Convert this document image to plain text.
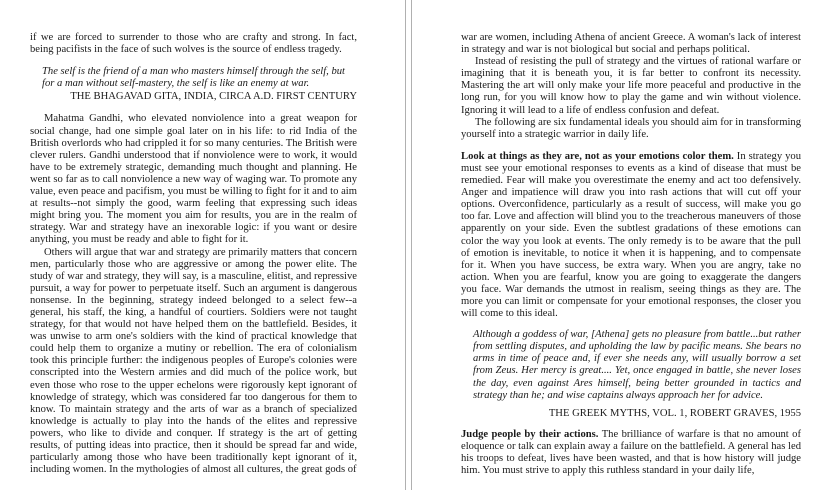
if we are forced to surrender to those who are crafty and strong. In fact, being pacifists in the face of such wolves is the source of endless tragedy.

The self is the friend of a man who masters himself through the self, but for a man without self-mastery, the self is like an enemy at war.

THE BHAGAVAD GITA, INDIA, CIRCA A.D. FIRST CENTURY

Mahatma Gandhi, who elevated nonviolence into a great weapon for social change, had one simple goal later on in his life: to rid India of the British overlords who had crippled it for so many centuries. The British were clever rulers. Gandhi understood that if nonviolence were to work, it would have to be extremely strategic, demanding much thought and planning. He went so far as to call nonviolence a new way of waging war. To promote any value, even peace and pacifism, you must be willing to fight for it and to aim at results--not simply the good, warm feeling that expressing such ideas might bring you. The moment you aim for results, you are in the realm of strategy. War and strategy have an inexorable logic: if you want or desire anything, you must be ready and able to fight for it.

Others will argue that war and strategy are primarily matters that concern men, particularly those who are aggressive or among the power elite. The study of war and strategy, they will say, is a masculine, elitist, and repressive pursuit, a way for power to perpetuate itself. Such an argument is dangerous nonsense. In the beginning, strategy indeed belonged to a select few--a general, his staff, the king, a handful of courtiers. Soldiers were not taught strategy, for that would not have helped them on the battlefield. Besides, it was unwise to arm one's soldiers with the kind of practical knowledge that could help them to organize a mutiny or rebellion. The era of colonialism took this principle further: the indigenous peoples of Europe's colonies were conscripted into the Western armies and did much of the police work, but even those who rose to the upper echelons were rigorously kept ignorant of knowledge of strategy, which was considered far too dangerous for them to know. To maintain strategy and the arts of war as a branch of specialized knowledge is actually to play into the hands of the elites and repressive powers, who like to divide and conquer. If strategy is the art of getting results, of putting ideas into practice, then it should be spread far and wide, particularly among those who have been traditionally kept ignorant of it, including women. In the mythologies of almost all cultures, the great gods of

war are women, including Athena of ancient Greece. A woman's lack of interest in strategy and war is not biological but social and perhaps political.

Instead of resisting the pull of strategy and the virtues of rational warfare or imagining that it is beneath you, it is far better to confront its necessity. Mastering the art will only make your life more peaceful and productive in the long run, for you will know how to play the game and win without violence. Ignoring it will lead to a life of endless confusion and defeat.

The following are six fundamental ideals you should aim for in transforming yourself into a strategic warrior in daily life.

Look at things as they are, not as your emotions color them. In strategy you must see your emotional responses to events as a kind of disease that must be remedied. Fear will make you overestimate the enemy and act too defensively. Anger and impatience will draw you into rash actions that will cut off your options. Overconfidence, particularly as a result of success, will make you go too far. Love and affection will blind you to the treacherous maneuvers of those apparently on your side. Even the subtlest gradations of these emotions can color the way you look at events. The only remedy is to be aware that the pull of emotion is inevitable, to notice it when it is happening, and to compensate for it. When you have success, be extra wary. When you are angry, take no action. When you are fearful, know you are going to exaggerate the dangers you face. War demands the utmost in realism, seeing things as they are. The more you can limit or compensate for your emotional responses, the closer you will come to this ideal.

Although a goddess of war, [Athena] gets no pleasure from battle...but rather from settling disputes, and upholding the law by pacific means. She bears no arms in time of peace and, if ever she needs any, will usually borrow a set from Zeus. Her mercy is great.... Yet, once engaged in battle, she never loses the day, even against Ares himself, being better grounded in tactics and strategy than he; and wise captains always approach her for advice.

THE GREEK MYTHS, VOL. 1, ROBERT GRAVES, 1955

Judge people by their actions. The brilliance of warfare is that no amount of eloquence or talk can explain away a failure on the battlefield. A general has led his troops to defeat, lives have been wasted, and that is how history will judge him. You must strive to apply this ruthless standard in your daily life,
